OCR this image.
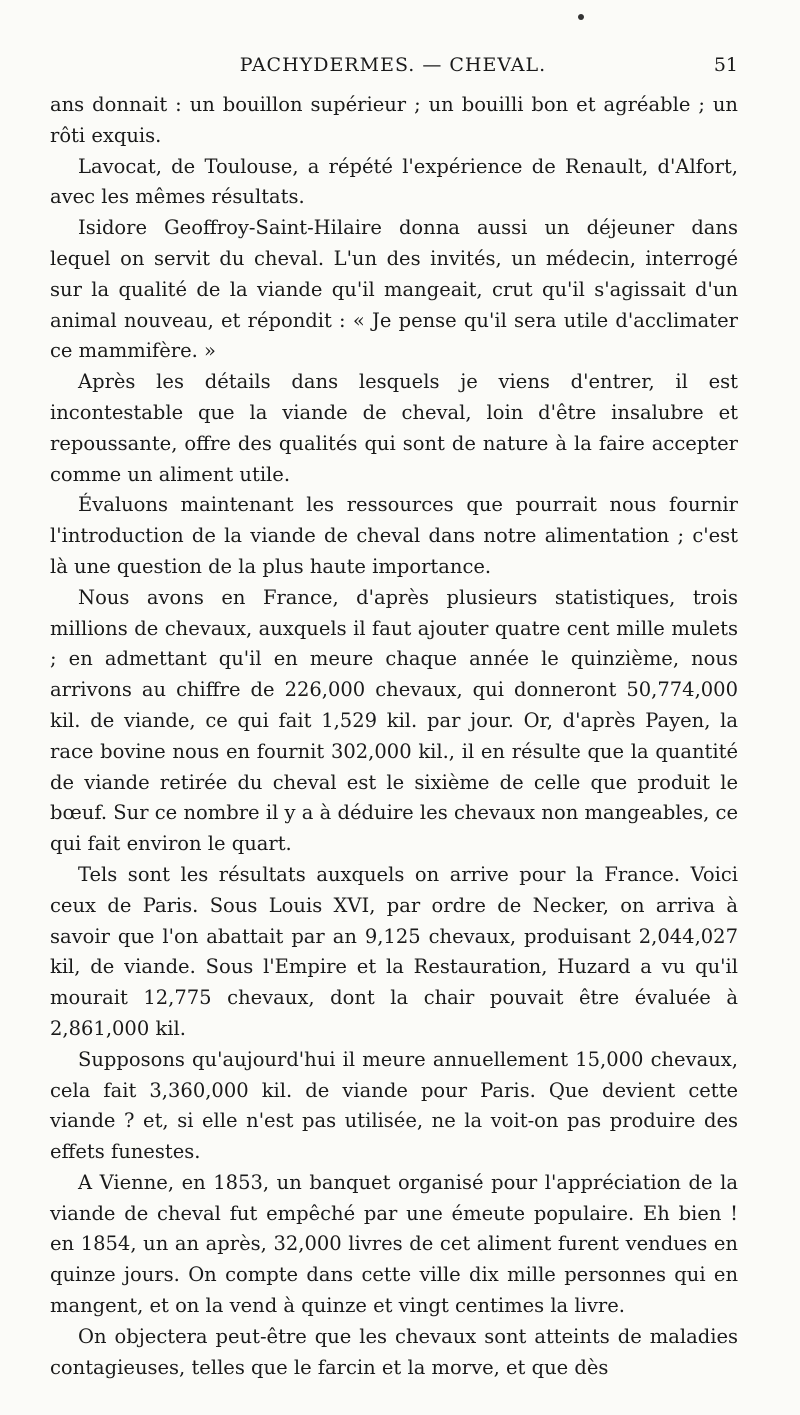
PACHYDERMES. — CHEVAL.	51

ans donnait : un bouillon supérieur ; un bouilli bon et agréable ; un rôti exquis.

Lavocat, de Toulouse, a répété l'expérience de Renault, d'Alfort, avec les mêmes résultats.

Isidore Geoffroy-Saint-Hilaire donna aussi un déjeuner dans lequel on servit du cheval. L'un des invités, un médecin, interrogé sur la qualité de la viande qu'il mangeait, crut qu'il s'agissait d'un animal nouveau, et répondit : « Je pense qu'il sera utile d'acclimater ce mammifère. »

Après les détails dans lesquels je viens d'entrer, il est incontestable que la viande de cheval, loin d'être insalubre et repoussante, offre des qualités qui sont de nature à la faire accepter comme un aliment utile.

Évaluons maintenant les ressources que pourrait nous fournir l'introduction de la viande de cheval dans notre alimentation ; c'est là une question de la plus haute importance.

Nous avons en France, d'après plusieurs statistiques, trois millions de chevaux, auxquels il faut ajouter quatre cent mille mulets ; en admettant qu'il en meure chaque année le quinzième, nous arrivons au chiffre de 226,000 chevaux, qui donneront 50,774,000 kil. de viande, ce qui fait 1,529 kil. par jour. Or, d'après Payen, la race bovine nous en fournit 302,000 kil., il en résulte que la quantité de viande retirée du cheval est le sixième de celle que produit le bœuf. Sur ce nombre il y a à déduire les chevaux non mangeables, ce qui fait environ le quart.

Tels sont les résultats auxquels on arrive pour la France. Voici ceux de Paris. Sous Louis XVI, par ordre de Necker, on arriva à savoir que l'on abattait par an 9,125 chevaux, produisant 2,044,027 kil, de viande. Sous l'Empire et la Restauration, Huzard a vu qu'il mourait 12,775 chevaux, dont la chair pouvait être évaluée à 2,861,000 kil.

Supposons qu'aujourd'hui il meure annuellement 15,000 chevaux, cela fait 3,360,000 kil. de viande pour Paris. Que devient cette viande ? et, si elle n'est pas utilisée, ne la voit-on pas produire des effets funestes.

A Vienne, en 1853, un banquet organisé pour l'appréciation de la viande de cheval fut empêché par une émeute populaire. Eh bien ! en 1854, un an après, 32,000 livres de cet aliment furent vendues en quinze jours. On compte dans cette ville dix mille personnes qui en mangent, et on la vend à quinze et vingt centimes la livre.

On objectera peut-être que les chevaux sont atteints de maladies contagieuses, telles que le farcin et la morve, et que dès
